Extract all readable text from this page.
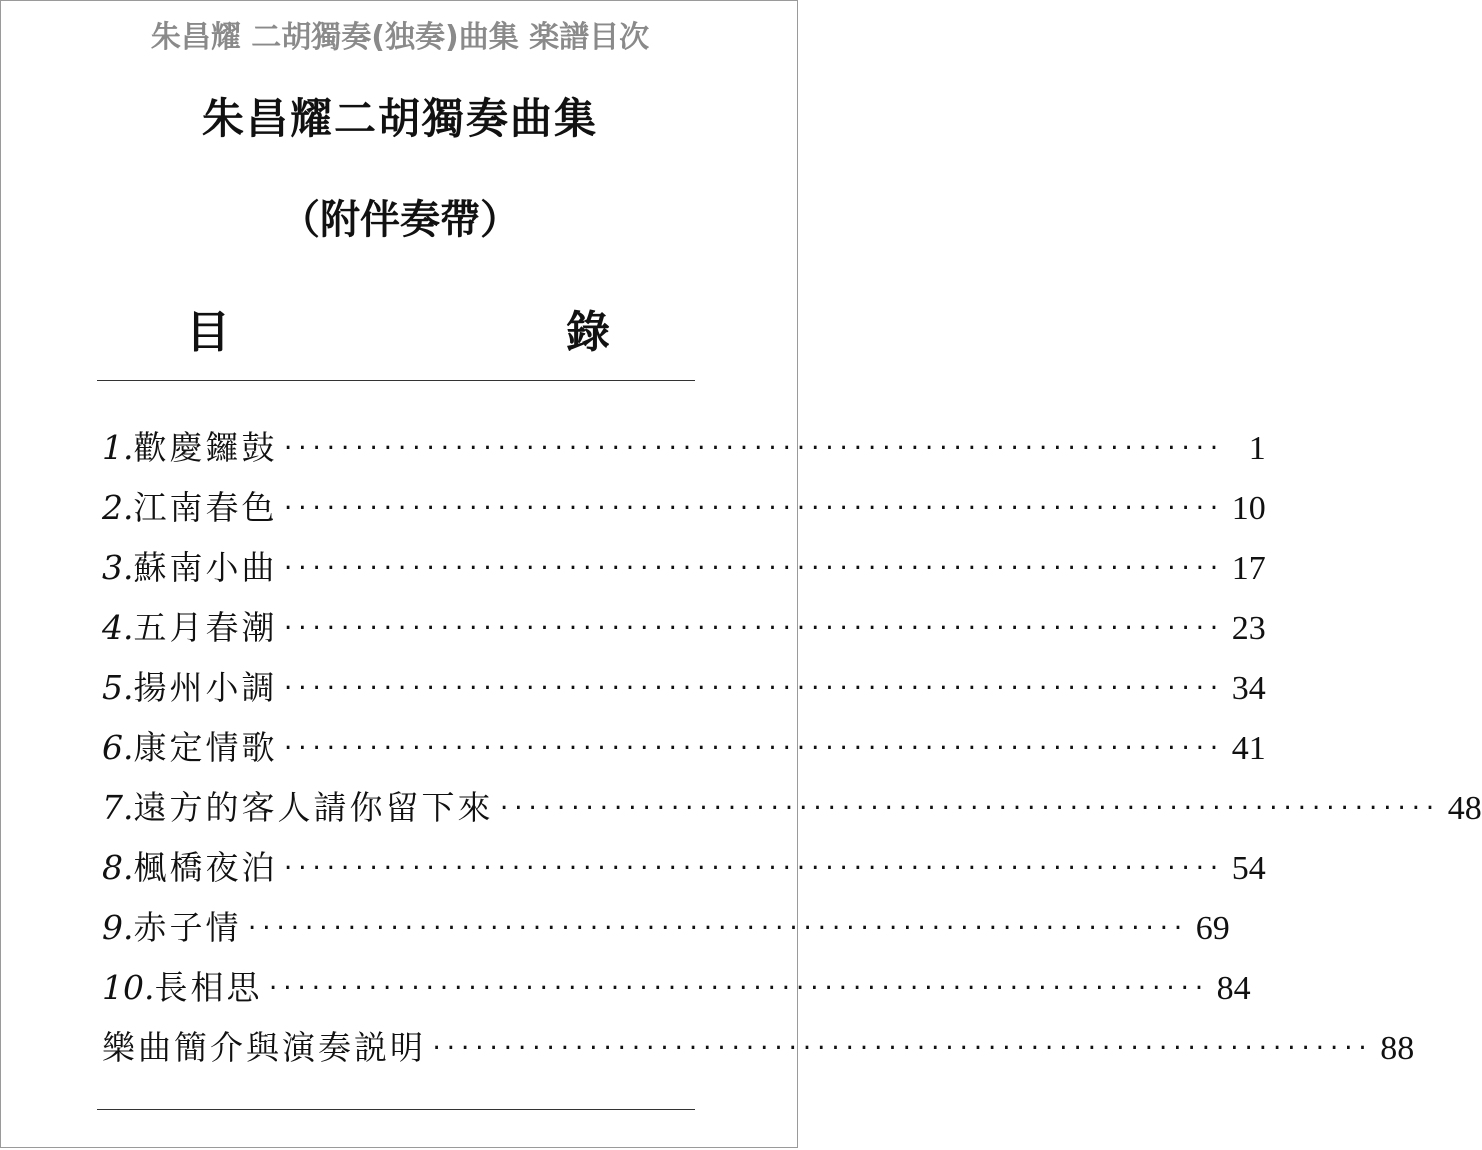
朱昌耀 二胡獨奏(独奏)曲集 楽譜目次
朱昌耀二胡獨奏曲集
（附伴奏帶）
目	錄
1. 歡慶鑼鼓 ·································································· 1
2. 江南春色 ·································································· 10
3. 蘇南小曲 ·································································· 17
4. 五月春潮 ·································································· 23
5. 揚州小調 ·································································· 34
6. 康定情歌 ·································································· 41
7. 遠方的客人請你留下來 ·································································· 48
8. 楓橋夜泊 ·································································· 54
9. 赤子情 ·································································· 69
10. 長相思 ·································································· 84
樂曲簡介與演奏説明 ·································································· 88
